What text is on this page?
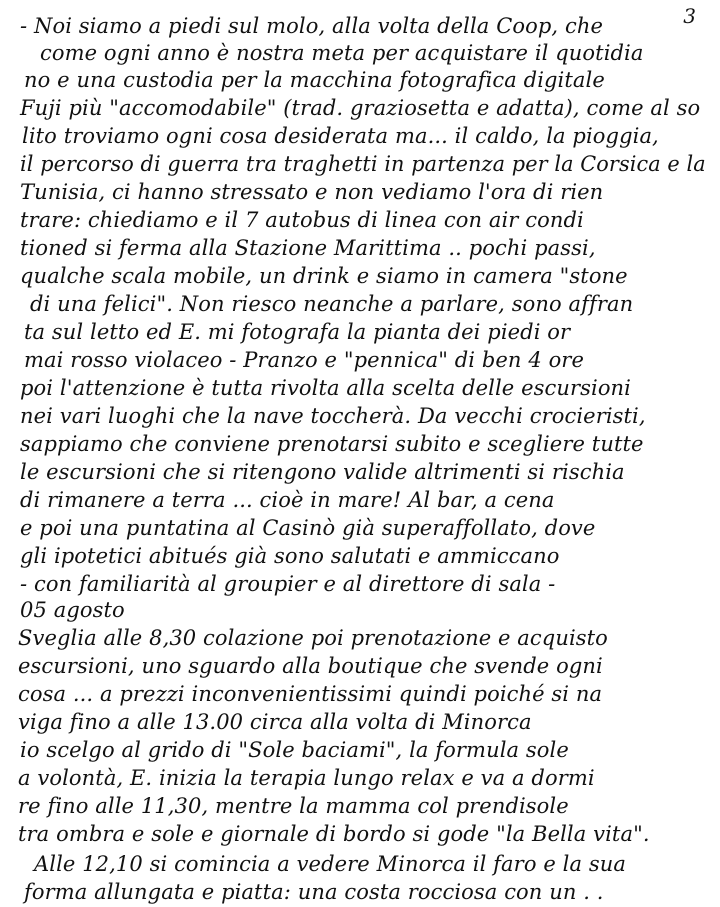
3
- Noi siamo a piedi sul molo, alla volta della Coop, che
come ogni anno è nostra meta per acquistare il quotidia
no e una custodia per la macchina fotografica digitale
Fuji più "accomodabile" (trad. graziosetta e adatta), come al so
lito troviamo ogni cosa desiderata ma... il caldo, la pioggia,
il percorso di guerra tra traghetti in partenza per la Corsica e la
Tunisia, ci hanno stressato e non vediamo l'ora di rien
trare: chiediamo e il 7 autobus di linea con air condi
tioned si ferma alla Stazione Marittima .. pochi passi,
qualche scala mobile, un drink e siamo in camera "stone
di una felici". Non riesco neanche a parlare, sono affran
ta sul letto ed E. mi fotografa la pianta dei piedi or
mai rosso violaceo - Pranzo e "pennica" di ben 4 ore
poi l'attenzione è tutta rivolta alla scelta delle escursioni
nei vari luoghi che la nave toccherà. Da vecchi crocieristi,
sappiamo che conviene prenotarsi subito e scegliere tutte
le escursioni che si ritengono valide altrimenti si rischia
di rimanere a terra ... cioè in mare! Al bar, a cena
e poi una puntatina al Casinò già superaffollato, dove
gli ipotetici abitués già sono salutati e ammiccano
- con familiarità al groupier e al direttore di sala -
05 agosto
Sveglia alle 8,30 colazione poi prenotazione e acquisto
escursioni, uno sguardo alla boutique che svende ogni
cosa ... a prezzi inconvenientissimi quindi poiché si na
viga fino a alle 13.00 circa alla volta di Minorca
io scelgo al grido di "Sole baciami", la formula sole
a volontà, E. inizia la terapia lungo relax e va a dormi
re fino alle 11,30, mentre la mamma col prendisole
tra ombra e sole e giornale di bordo si gode "la Bella vita".
Alle 12,10 si comincia a vedere Minorca il faro e la sua
forma allungata e piatta: una costa rocciosa con un . .
